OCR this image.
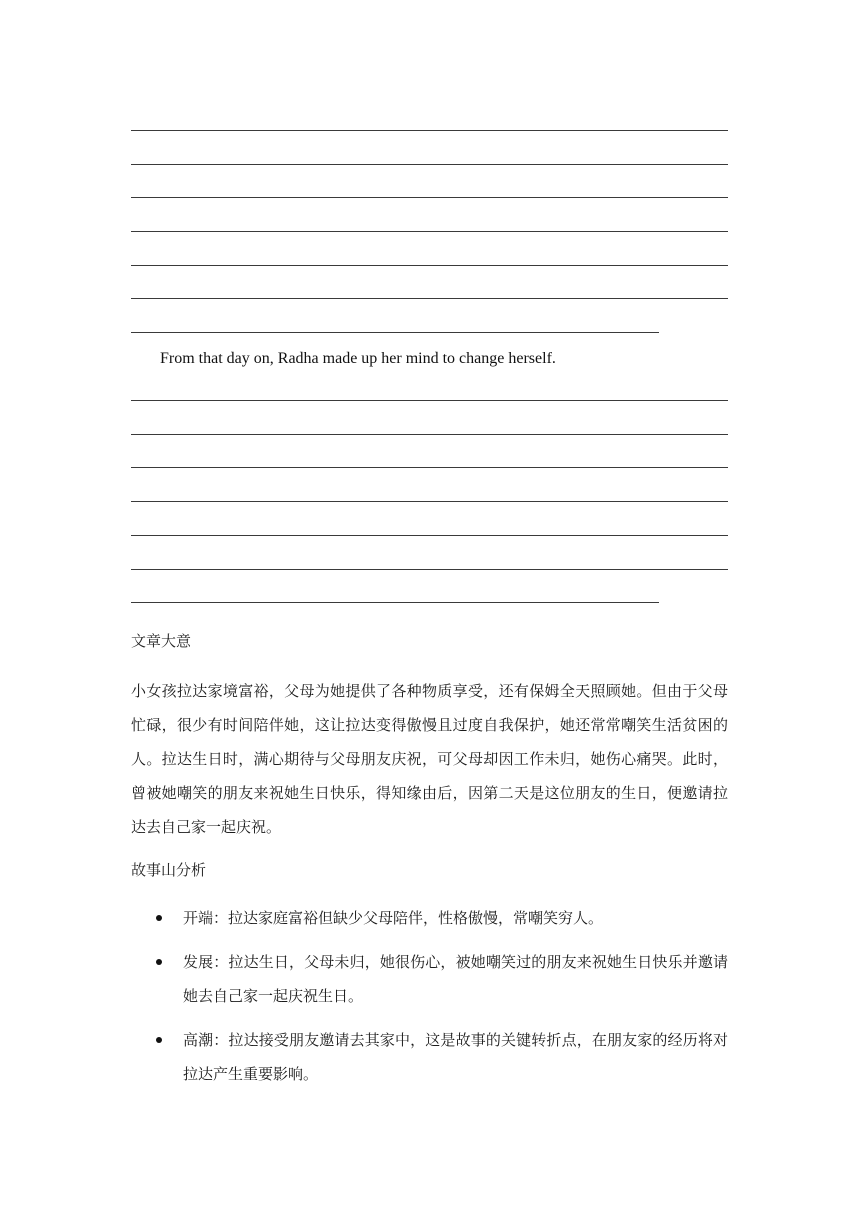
From that day on, Radha made up her mind to change herself.
文章大意

小女孩拉达家境富裕，父母为她提供了各种物质享受，还有保姆全天照顾她。但由于父母忙碌，很少有时间陪伴她，这让拉达变得傲慢且过度自我保护，她还常常嘲笑生活贫困的人。拉达生日时，满心期待与父母朋友庆祝，可父母却因工作未归，她伤心痛哭。此时，曾被她嘲笑的朋友来祝她生日快乐，得知缘由后，因第二天是这位朋友的生日，便邀请拉达去自己家一起庆祝。

故事山分析
开端：拉达家庭富裕但缺少父母陪伴，性格傲慢，常嘲笑穷人。
发展：拉达生日，父母未归，她很伤心，被她嘲笑过的朋友来祝她生日快乐并邀请她去自己家一起庆祝生日。
高潮：拉达接受朋友邀请去其家中，这是故事的关键转折点，在朋友家的经历将对拉达产生重要影响。
